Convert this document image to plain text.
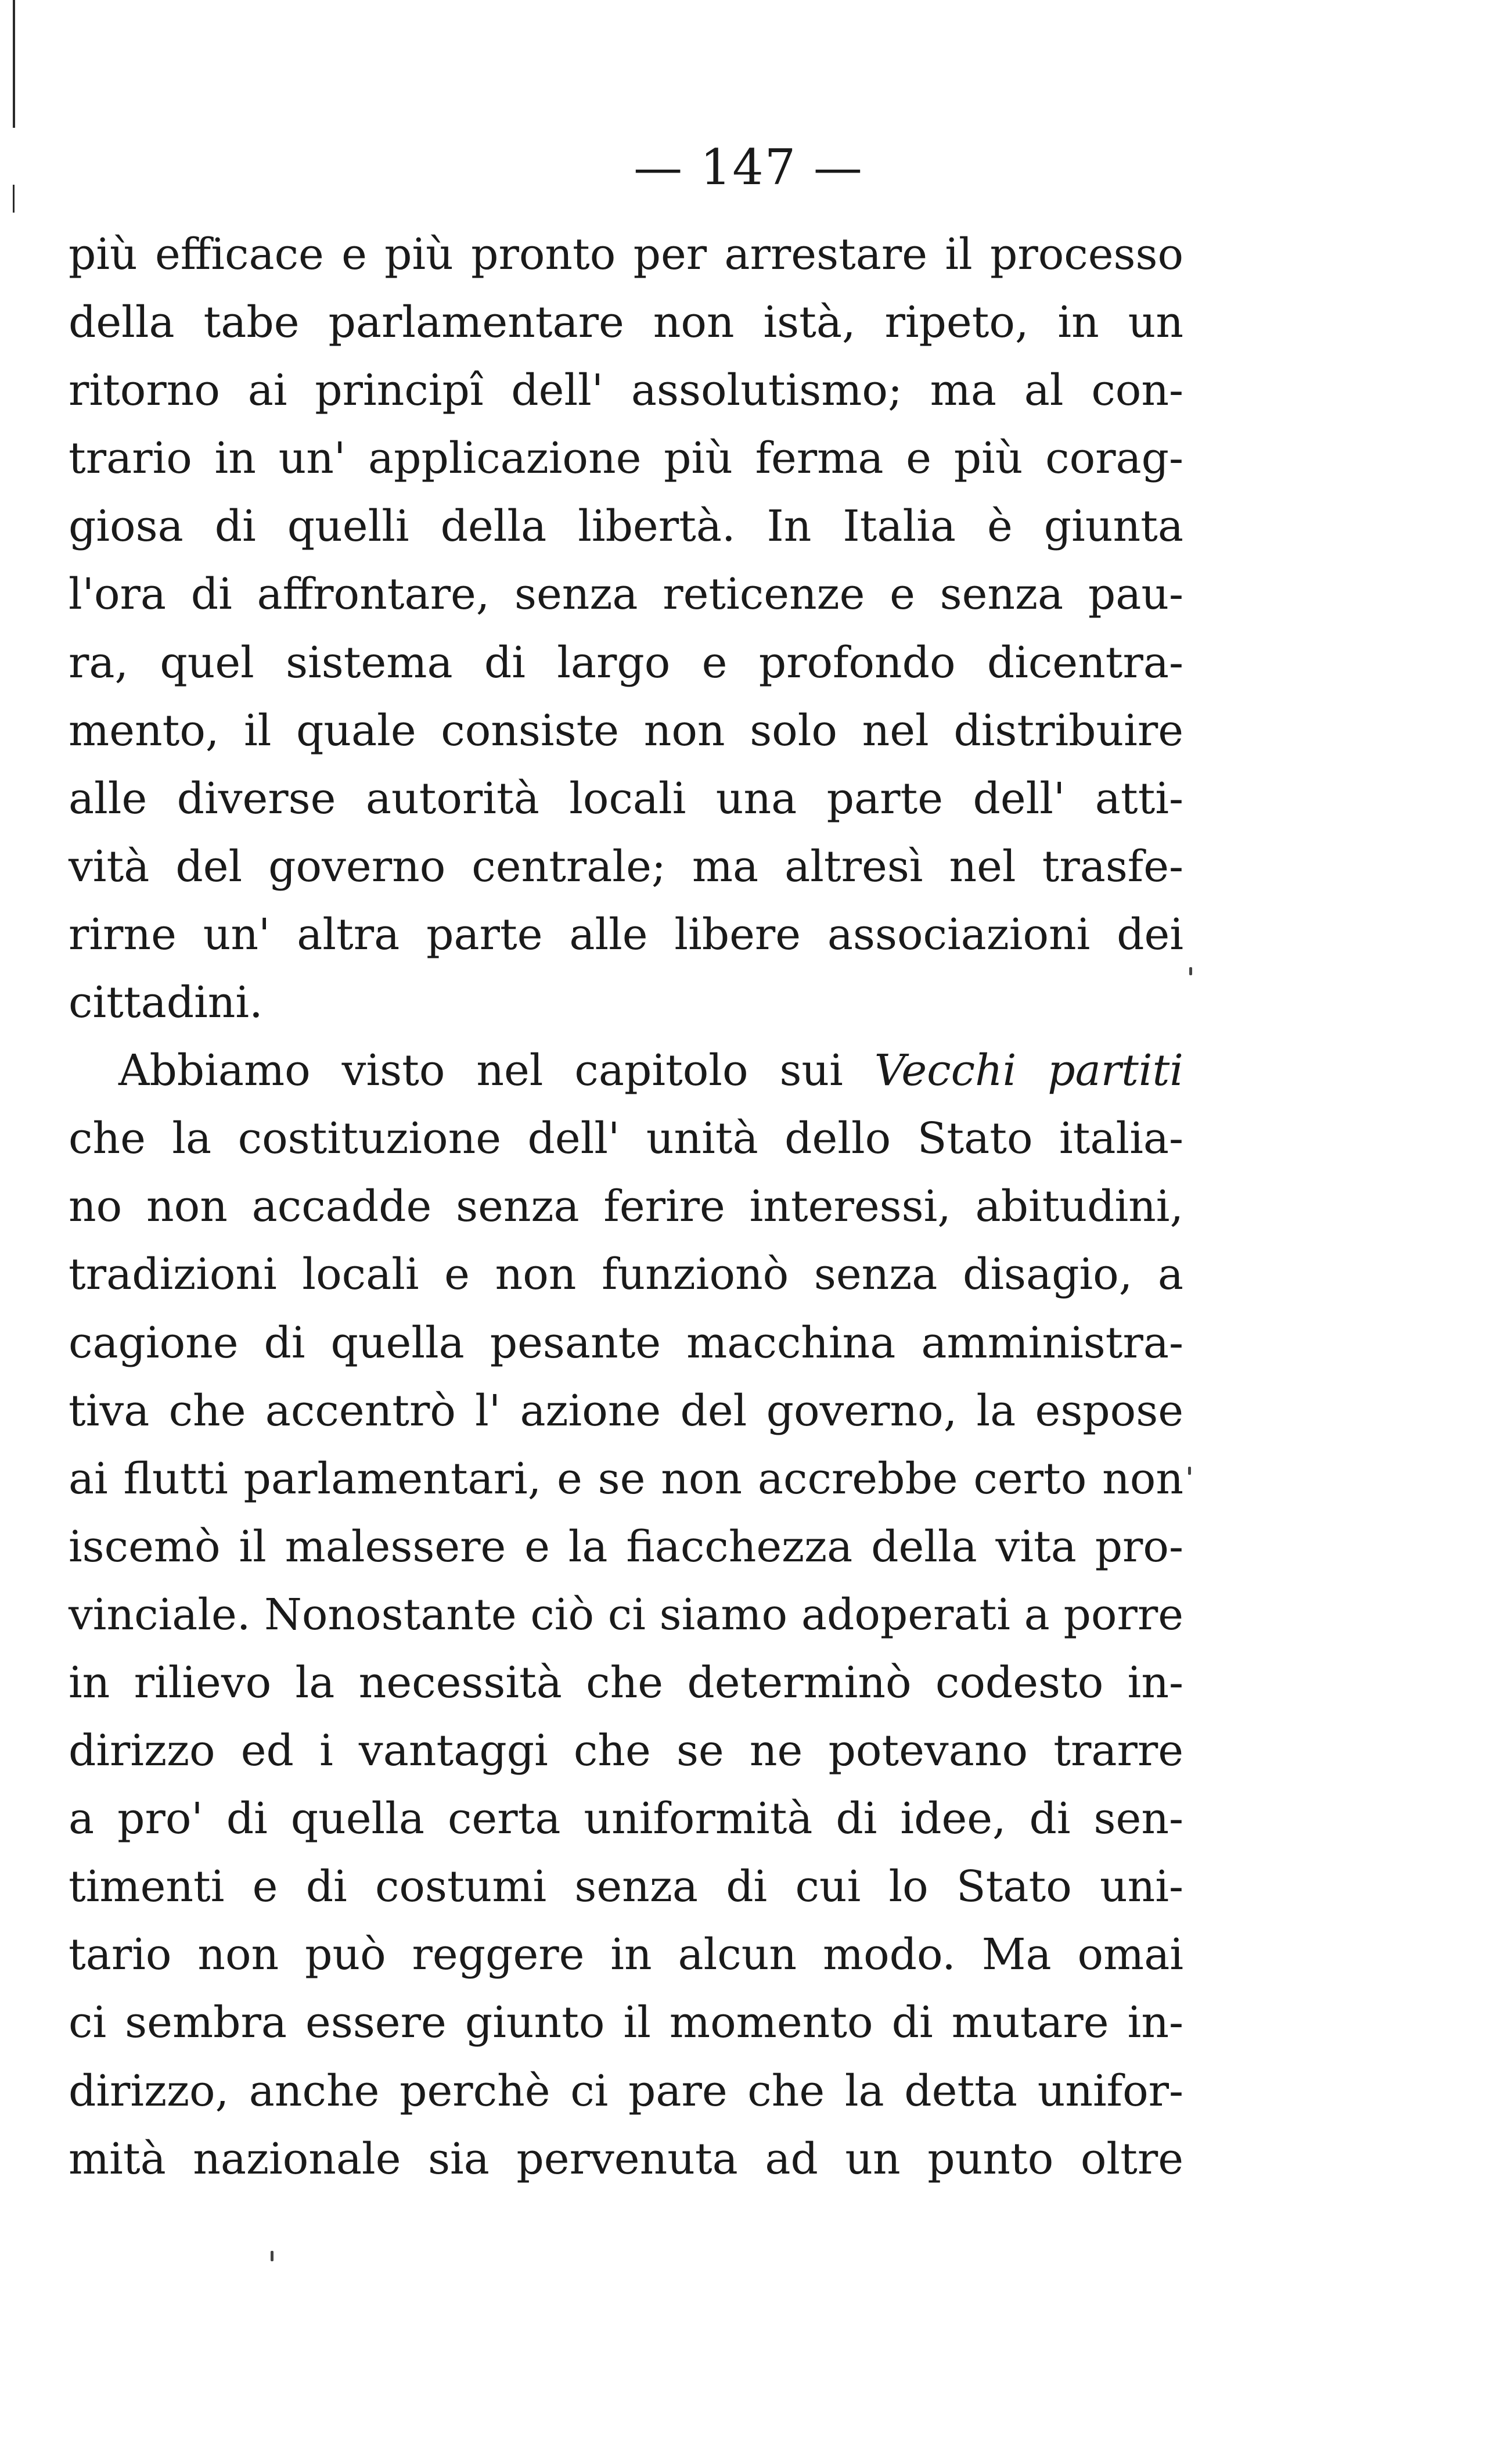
— 147 —
più efficace e più pronto per arrestare il processo
della tabe parlamentare non istà, ripeto, in un
ritorno ai principî dell' assolutismo; ma al con-
trario in un' applicazione più ferma e più corag-
giosa di quelli della libertà. In Italia è giunta
l'ora di affrontare, senza reticenze e senza pau-
ra, quel sistema di largo e profondo dicentra-
mento, il quale consiste non solo nel distribuire
alle diverse autorità locali una parte dell' atti-
vità del governo centrale; ma altresì nel trasfe-
rirne un' altra parte alle libere associazioni dei
cittadini.
Abbiamo visto nel capitolo sui Vecchi partiti
che la costituzione dell' unità dello Stato italia-
no non accadde senza ferire interessi, abitudini,
tradizioni locali e non funzionò senza disagio, a
cagione di quella pesante macchina amministra-
tiva che accentrò l' azione del governo, la espose
ai flutti parlamentari, e se non accrebbe certo non
iscemò il malessere e la fiacchezza della vita pro-
vinciale. Nonostante ciò ci siamo adoperati a porre
in rilievo la necessità che determinò codesto in-
dirizzo ed i vantaggi che se ne potevano trarre
a pro' di quella certa uniformità di idee, di sen-
timenti e di costumi senza di cui lo Stato uni-
tario non può reggere in alcun modo. Ma omai
ci sembra essere giunto il momento di mutare in-
dirizzo, anche perchè ci pare che la detta unifor-
mità nazionale sia pervenuta ad un punto oltre
